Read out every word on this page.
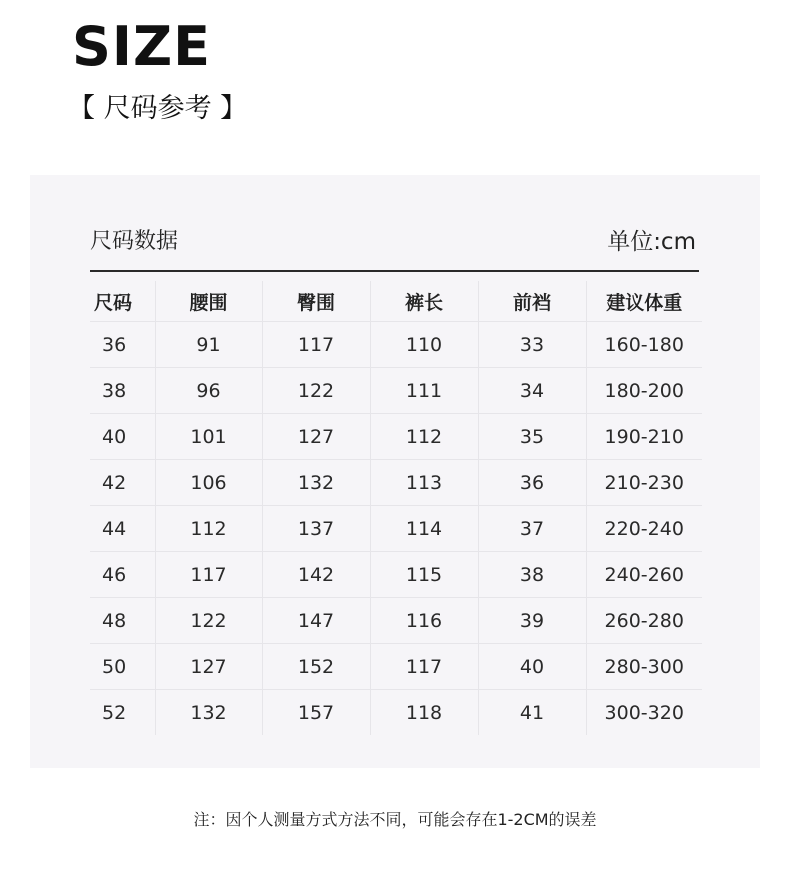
SIZE
【 尺码参考 】
尺码数据	单位:cm
尺码	腰围	臀围	裤长	前裆	建议体重
36	91	117	110	33	160-180
38	96	122	111	34	180-200
40	101	127	112	35	190-210
42	106	132	113	36	210-230
44	112	137	114	37	220-240
46	117	142	115	38	240-260
48	122	147	116	39	260-280
50	127	152	117	40	280-300
52	132	157	118	41	300-320
注：因个人测量方式方法不同，可能会存在1-2CM的误差
